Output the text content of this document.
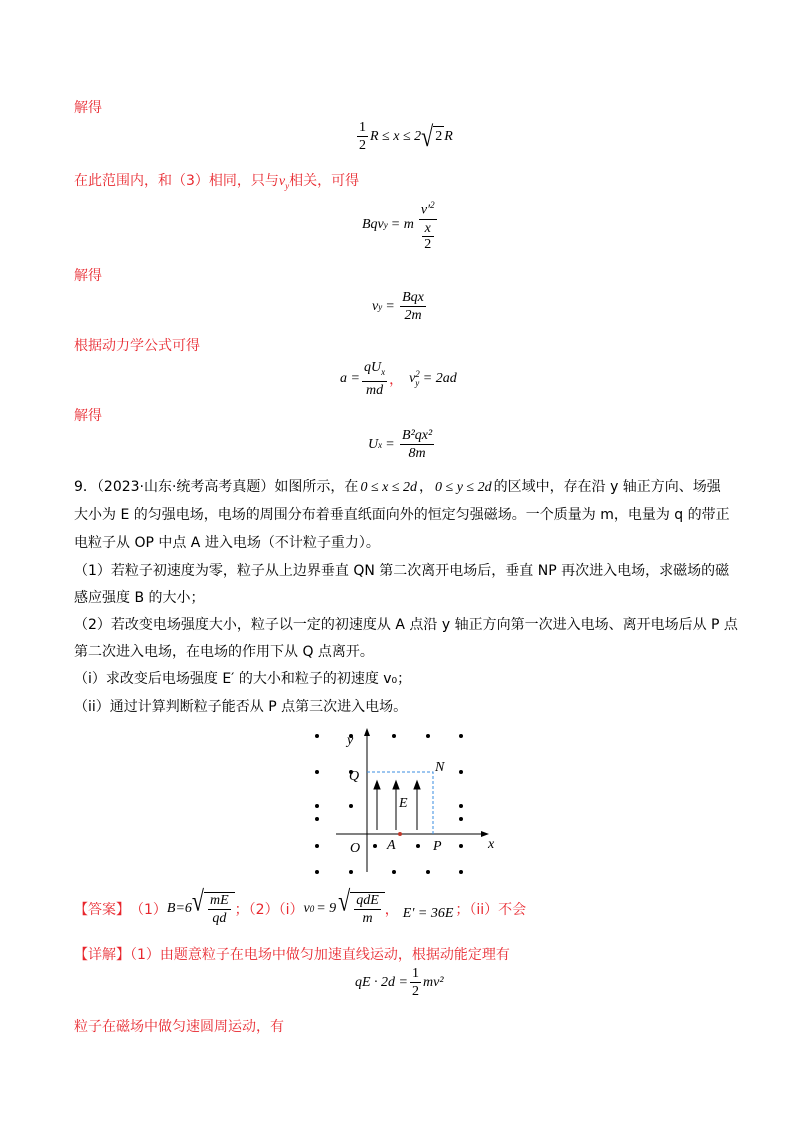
解得
$\frac{1}{2}$ R ≤ x ≤ 2 √ 2 R
在此范围内，和（3）相同，只与$v_y$相关，可得
Bqv y = m $v'^2$
x
2
解得
v $y = \frac{\text{Bqx}}{2m}$
根据动力学公式可得
$a = \frac{qU_x}{md}$ ， v 2
y = 2ad
解得
U $x = \frac{\text{B²qx²}}{8m}$
9．（2023·山东·统考高考真题）如图所示，在 0 ≤ x ≤ 2d ， 0 ≤ y ≤ 2d 的区域中，存在沿 y 轴正方向、场强
大小为 E 的匀强电场，电场的周围分布着垂直纸面向外的恒定匀强磁场。一个质量为 m，电量为 q 的带正
电粒子从 OP 中点 A 进入电场（不计粒子重力）。
（1）若粒子初速度为零，粒子从上边界垂直 QN 第二次离开电场后，垂直 NP 再次进入电场，求磁场的磁
感应强度 B 的大小；
（2）若改变电场强度大小，粒子以一定的初速度从 A 点沿 y 轴正方向第一次进入电场、离开电场后从 P 点
第二次进入电场，在电场的作用下从 Q 点离开。
（i）求改变后电场强度 E′ 的大小和粒子的初速度 v₀；
（ii）通过计算判断粒子能否从 P 点第三次进入电场。
y
x
Q
N
E
O A	P
【答案】 （1） B=6 √ $\frac{mE}{qd}$ ；（2）（i） v 0 = 9 √ $\frac{\text{qdE}}{m}$ ， E′ = 36E ；（ii）不会
【详解】（1）由题意粒子在电场中做匀加速直线运动，根据动能定理有
qE · $2d = \frac{1}{2} mv^2$
粒子在磁场中做匀速圆周运动，有
